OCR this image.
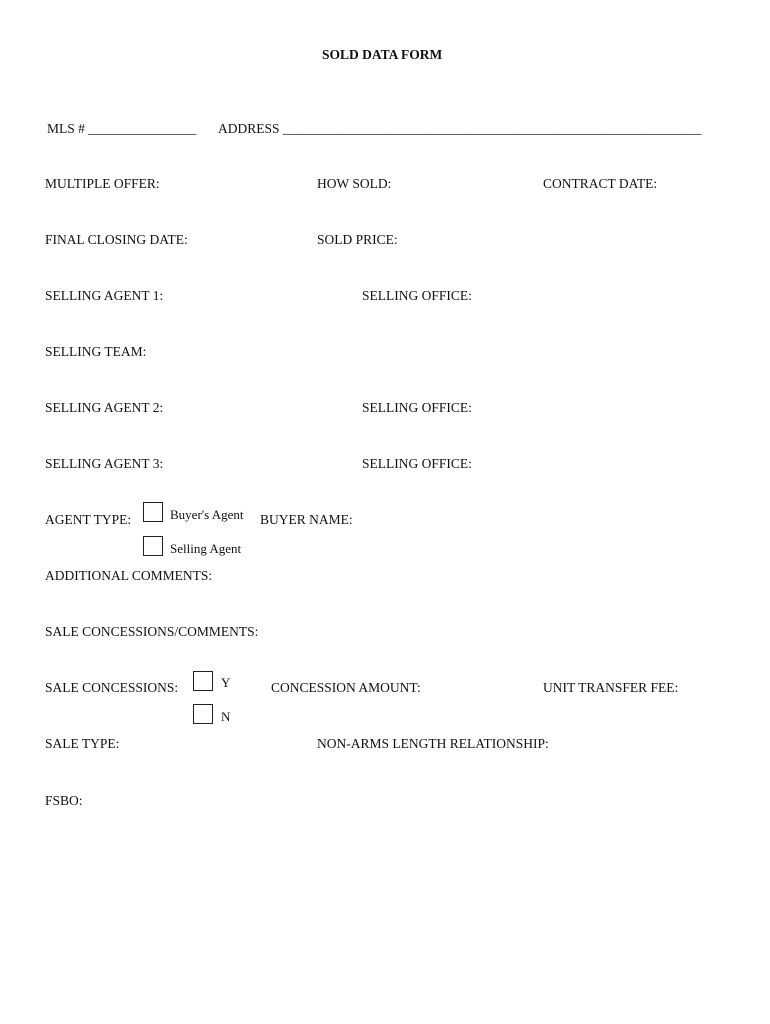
SOLD DATA FORM
MLS # ________________ ADDRESS ______________________________________________________________
MULTIPLE OFFER:	HOW SOLD:	CONTRACT DATE:
FINAL CLOSING DATE:	SOLD PRICE:
SELLING AGENT 1:	SELLING OFFICE:
SELLING TEAM:
SELLING AGENT 2:	SELLING OFFICE:
SELLING AGENT 3:	SELLING OFFICE:
AGENT TYPE:	Buyer's Agent BUYER NAME:
Selling Agent
ADDITIONAL COMMENTS:
SALE CONCESSIONS/COMMENTS:
SALE CONCESSIONS:	Y	CONCESSION AMOUNT:	UNIT TRANSFER FEE:
N
SALE TYPE:	NON-ARMS LENGTH RELATIONSHIP:
FSBO:
